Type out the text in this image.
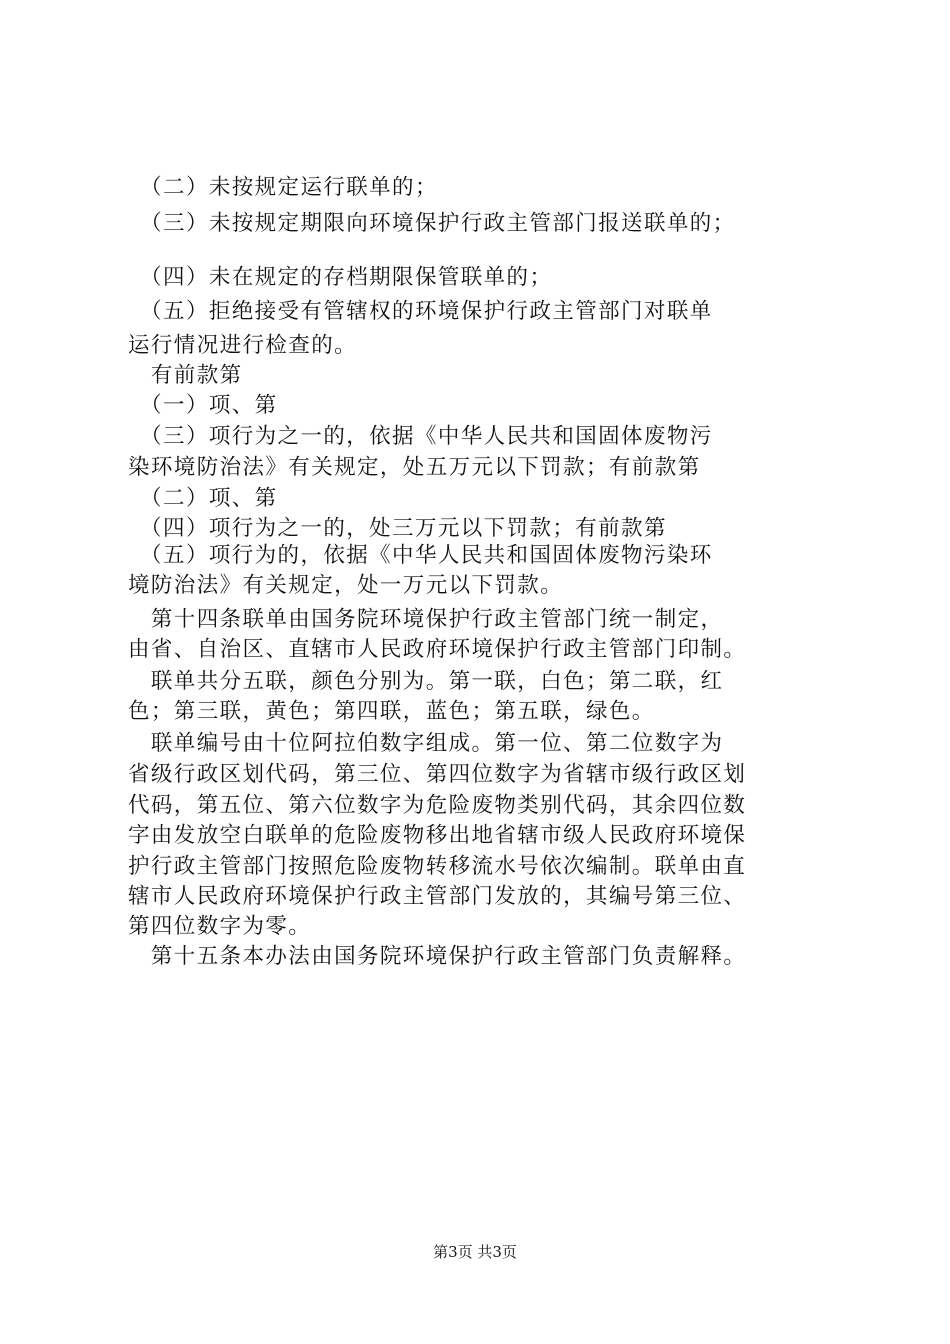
　（二）未按规定运行联单的；
　（三）未按规定期限向环境保护行政主管部门报送联单的；
　（四）未在规定的存档期限保管联单的；
　（五）拒绝接受有管辖权的环境保护行政主管部门对联单
运行情况进行检查的。
　有前款第
　（一）项、第
　（三）项行为之一的，依据《中华人民共和国固体废物污
染环境防治法》有关规定，处五万元以下罚款；有前款第
　（二）项、第
　（四）项行为之一的，处三万元以下罚款；有前款第
　（五）项行为的，依据《中华人民共和国固体废物污染环
境防治法》有关规定，处一万元以下罚款。
　第十四条联单由国务院环境保护行政主管部门统一制定，
由省、自治区、直辖市人民政府环境保护行政主管部门印制。
　联单共分五联，颜色分别为。第一联，白色；第二联，红
色；第三联，黄色；第四联，蓝色；第五联，绿色。
　联单编号由十位阿拉伯数字组成。第一位、第二位数字为
省级行政区划代码，第三位、第四位数字为省辖市级行政区划
代码，第五位、第六位数字为危险废物类别代码，其余四位数
字由发放空白联单的危险废物移出地省辖市级人民政府环境保
护行政主管部门按照危险废物转移流水号依次编制。联单由直
辖市人民政府环境保护行政主管部门发放的，其编号第三位、
第四位数字为零。
　第十五条本办法由国务院环境保护行政主管部门负责解释。
第3页 共3页
